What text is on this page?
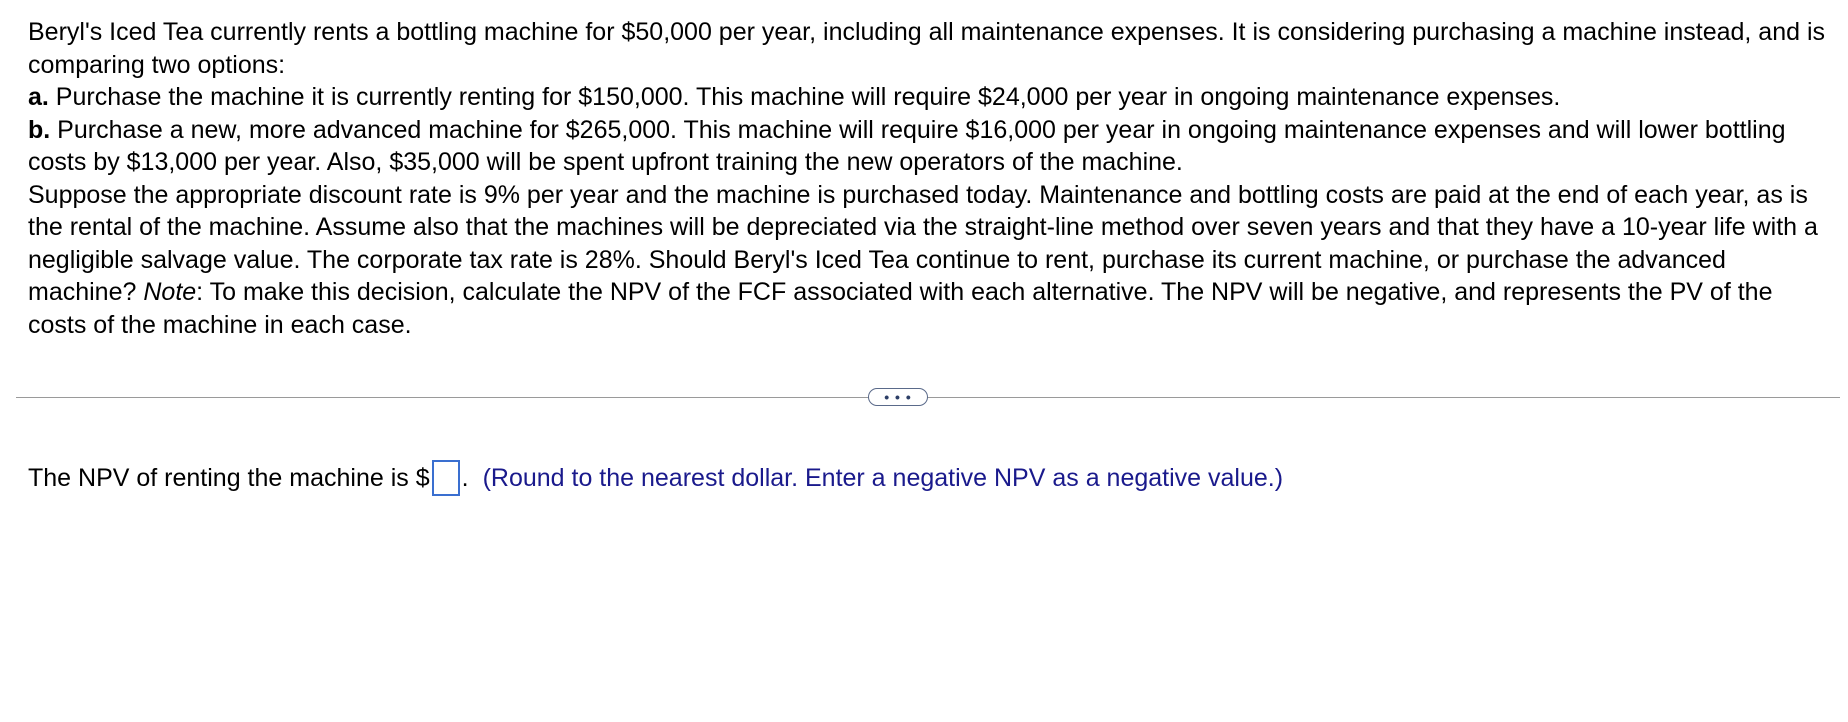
Beryl's Iced Tea currently rents a bottling machine for $50,000 per year, including all maintenance expenses. It is considering purchasing a machine instead, and is comparing two options:

a. Purchase the machine it is currently renting for $150,000. This machine will require $24,000 per year in ongoing maintenance expenses.

b. Purchase a new, more advanced machine for $265,000. This machine will require $16,000 per year in ongoing maintenance expenses and will lower bottling costs by $13,000 per year. Also, $35,000 will be spent upfront training the new operators of the machine.

Suppose the appropriate discount rate is 9% per year and the machine is purchased today. Maintenance and bottling costs are paid at the end of each year, as is the rental of the machine. Assume also that the machines will be depreciated via the straight-line method over seven years and that they have a 10-year life with a negligible salvage value. The corporate tax rate is 28%. Should Beryl's Iced Tea continue to rent, purchase its current machine, or purchase the advanced machine? Note: To make this decision, calculate the NPV of the FCF associated with each alternative. The NPV will be negative, and represents the PV of the costs of the machine in each case.

• • •
The NPV of renting the machine is $ . (Round to the nearest dollar. Enter a negative NPV as a negative value.)
